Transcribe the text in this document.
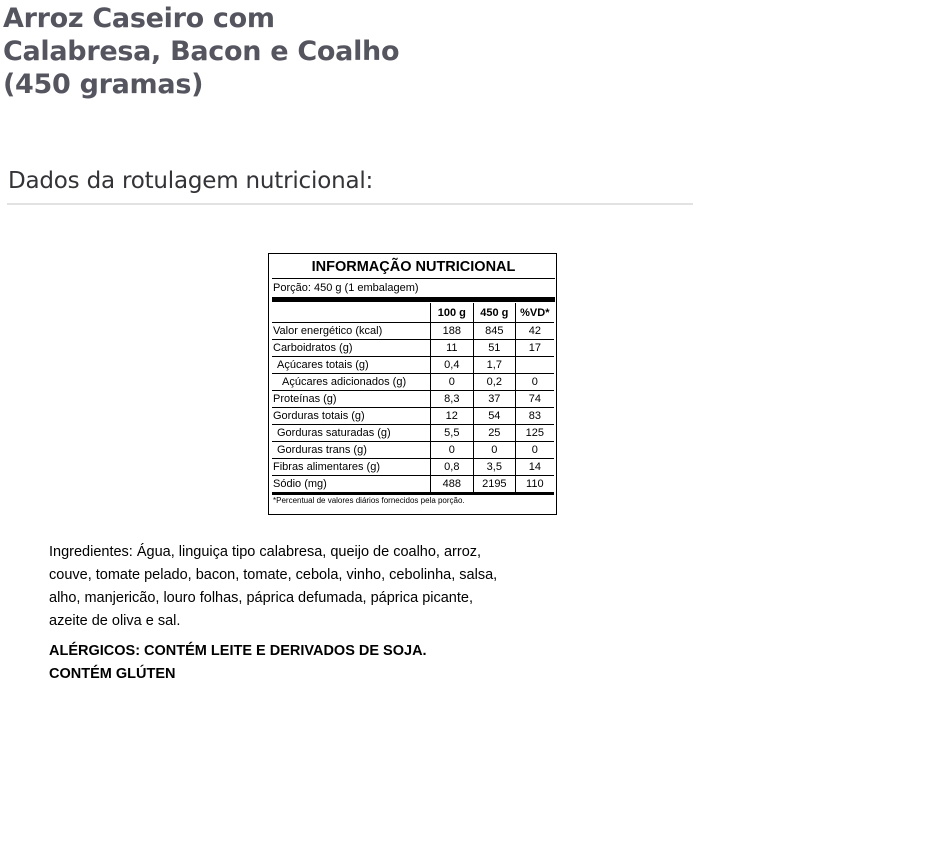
Arroz Caseiro com
Calabresa, Bacon e Coalho
(450 gramas)
Dados da rotulagem nutricional:
INFORMAÇÃO NUTRICIONAL
Porção: 450 g (1 embalagem)
	100 g	450 g	%VD*
Valor energético (kcal)	188	845	42
Carboidratos (g)	11	51	17
Açúcares totais (g)	0,4	1,7	
Açúcares adicionados (g)	0	0,2	0
Proteínas (g)	8,3	37	74
Gorduras totais (g)	12	54	83
Gorduras saturadas (g)	5,5	25	125
Gorduras trans (g)	0	0	0
Fibras alimentares (g)	0,8	3,5	14
Sódio (mg)	488	2195	110
*Percentual de valores diários fornecidos pela porção.

Ingredientes: Água, linguiça tipo calabresa, queijo de coalho, arroz,
couve, tomate pelado, bacon, tomate, cebola, vinho, cebolinha, salsa,
alho, manjericão, louro folhas, páprica defumada, páprica picante,
azeite de oliva e sal.

ALÉRGICOS: CONTÉM LEITE E DERIVADOS DE SOJA.
CONTÉM GLÚTEN
